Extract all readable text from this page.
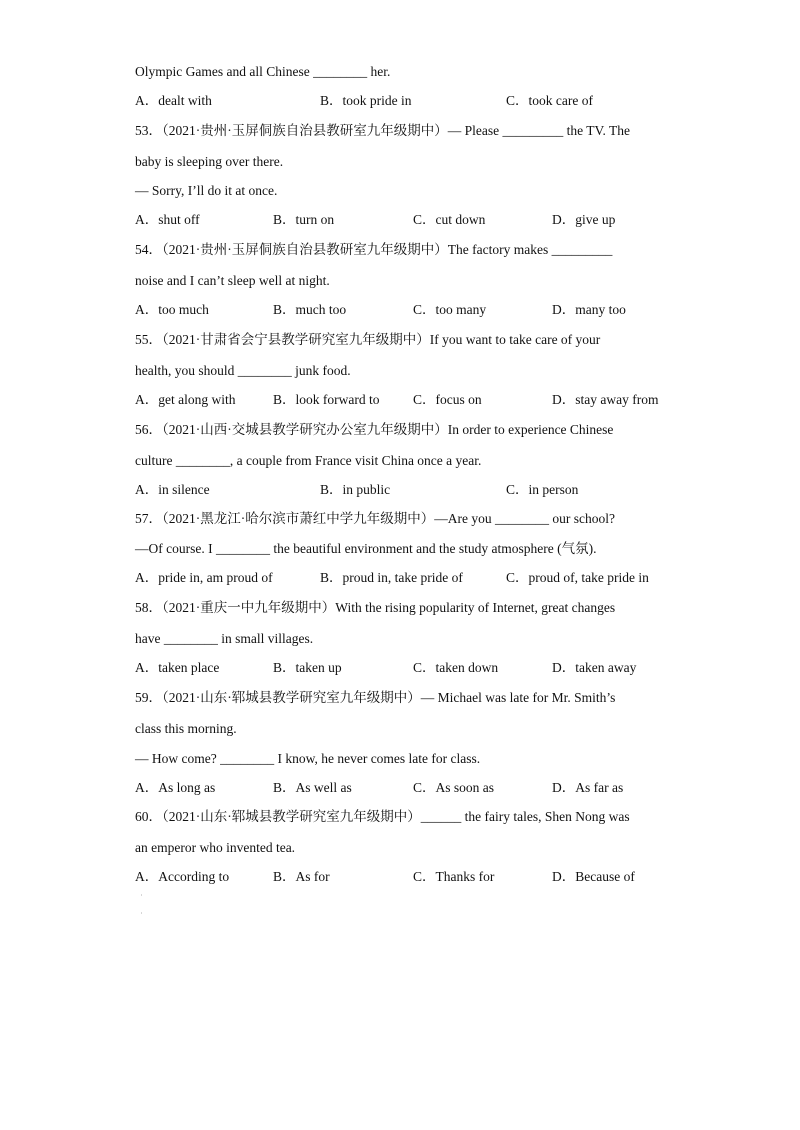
Olympic Games and all Chinese ________ her.
A．dealt with	B．took pride in	C．took care of
53．（2021·贵州·玉屏侗族自治县教研室九年级期中）— Please _________ the TV. The
baby is sleeping over there.
— Sorry, I’ll do it at once.
A．shut off	B．turn on	C．cut down	D．give up
54．（2021·贵州·玉屏侗族自治县教研室九年级期中）The factory makes _________
noise and I can’t sleep well at night.
A．too much	B．much too	C．too many	D．many too
55．（2021·甘肃省会宁县教学研究室九年级期中）If you want to take care of your
health, you should ________ junk food.
A．get along with	B．look forward to C．focus on	D．stay away from
56．（2021·山西·交城县教学研究办公室九年级期中）In order to experience Chinese
culture ________, a couple from France visit China once a year.
A．in silence	B．in public	C．in person
57．（2021·黑龙江·哈尔滨市萧红中学九年级期中）—Are you ________ our school?
—Of course. I ________ the beautiful environment and the study atmosphere (气氛).
A．pride in, am proud of	B．proud in, take pride of	C．proud of, take pride in
58．（2021·重庆一中九年级期中）With the rising popularity of Internet, great changes
have ________ in small villages.
A．taken place	B．taken up	C．taken down	D．taken away
59．（2021·山东·郓城县教学研究室九年级期中）— Michael was late for Mr. Smith’s
class this morning.
— How come? ________ I know, he never comes late for class.
A．As long as	B．As well as	C．As soon as	D．As far as
60．（2021·山东·郓城县教学研究室九年级期中）______ the fairy tales, Shen Nong was
an emperor who invented tea.
A．According to	B．As for	C．Thanks for	D．Because of
˙
˙
